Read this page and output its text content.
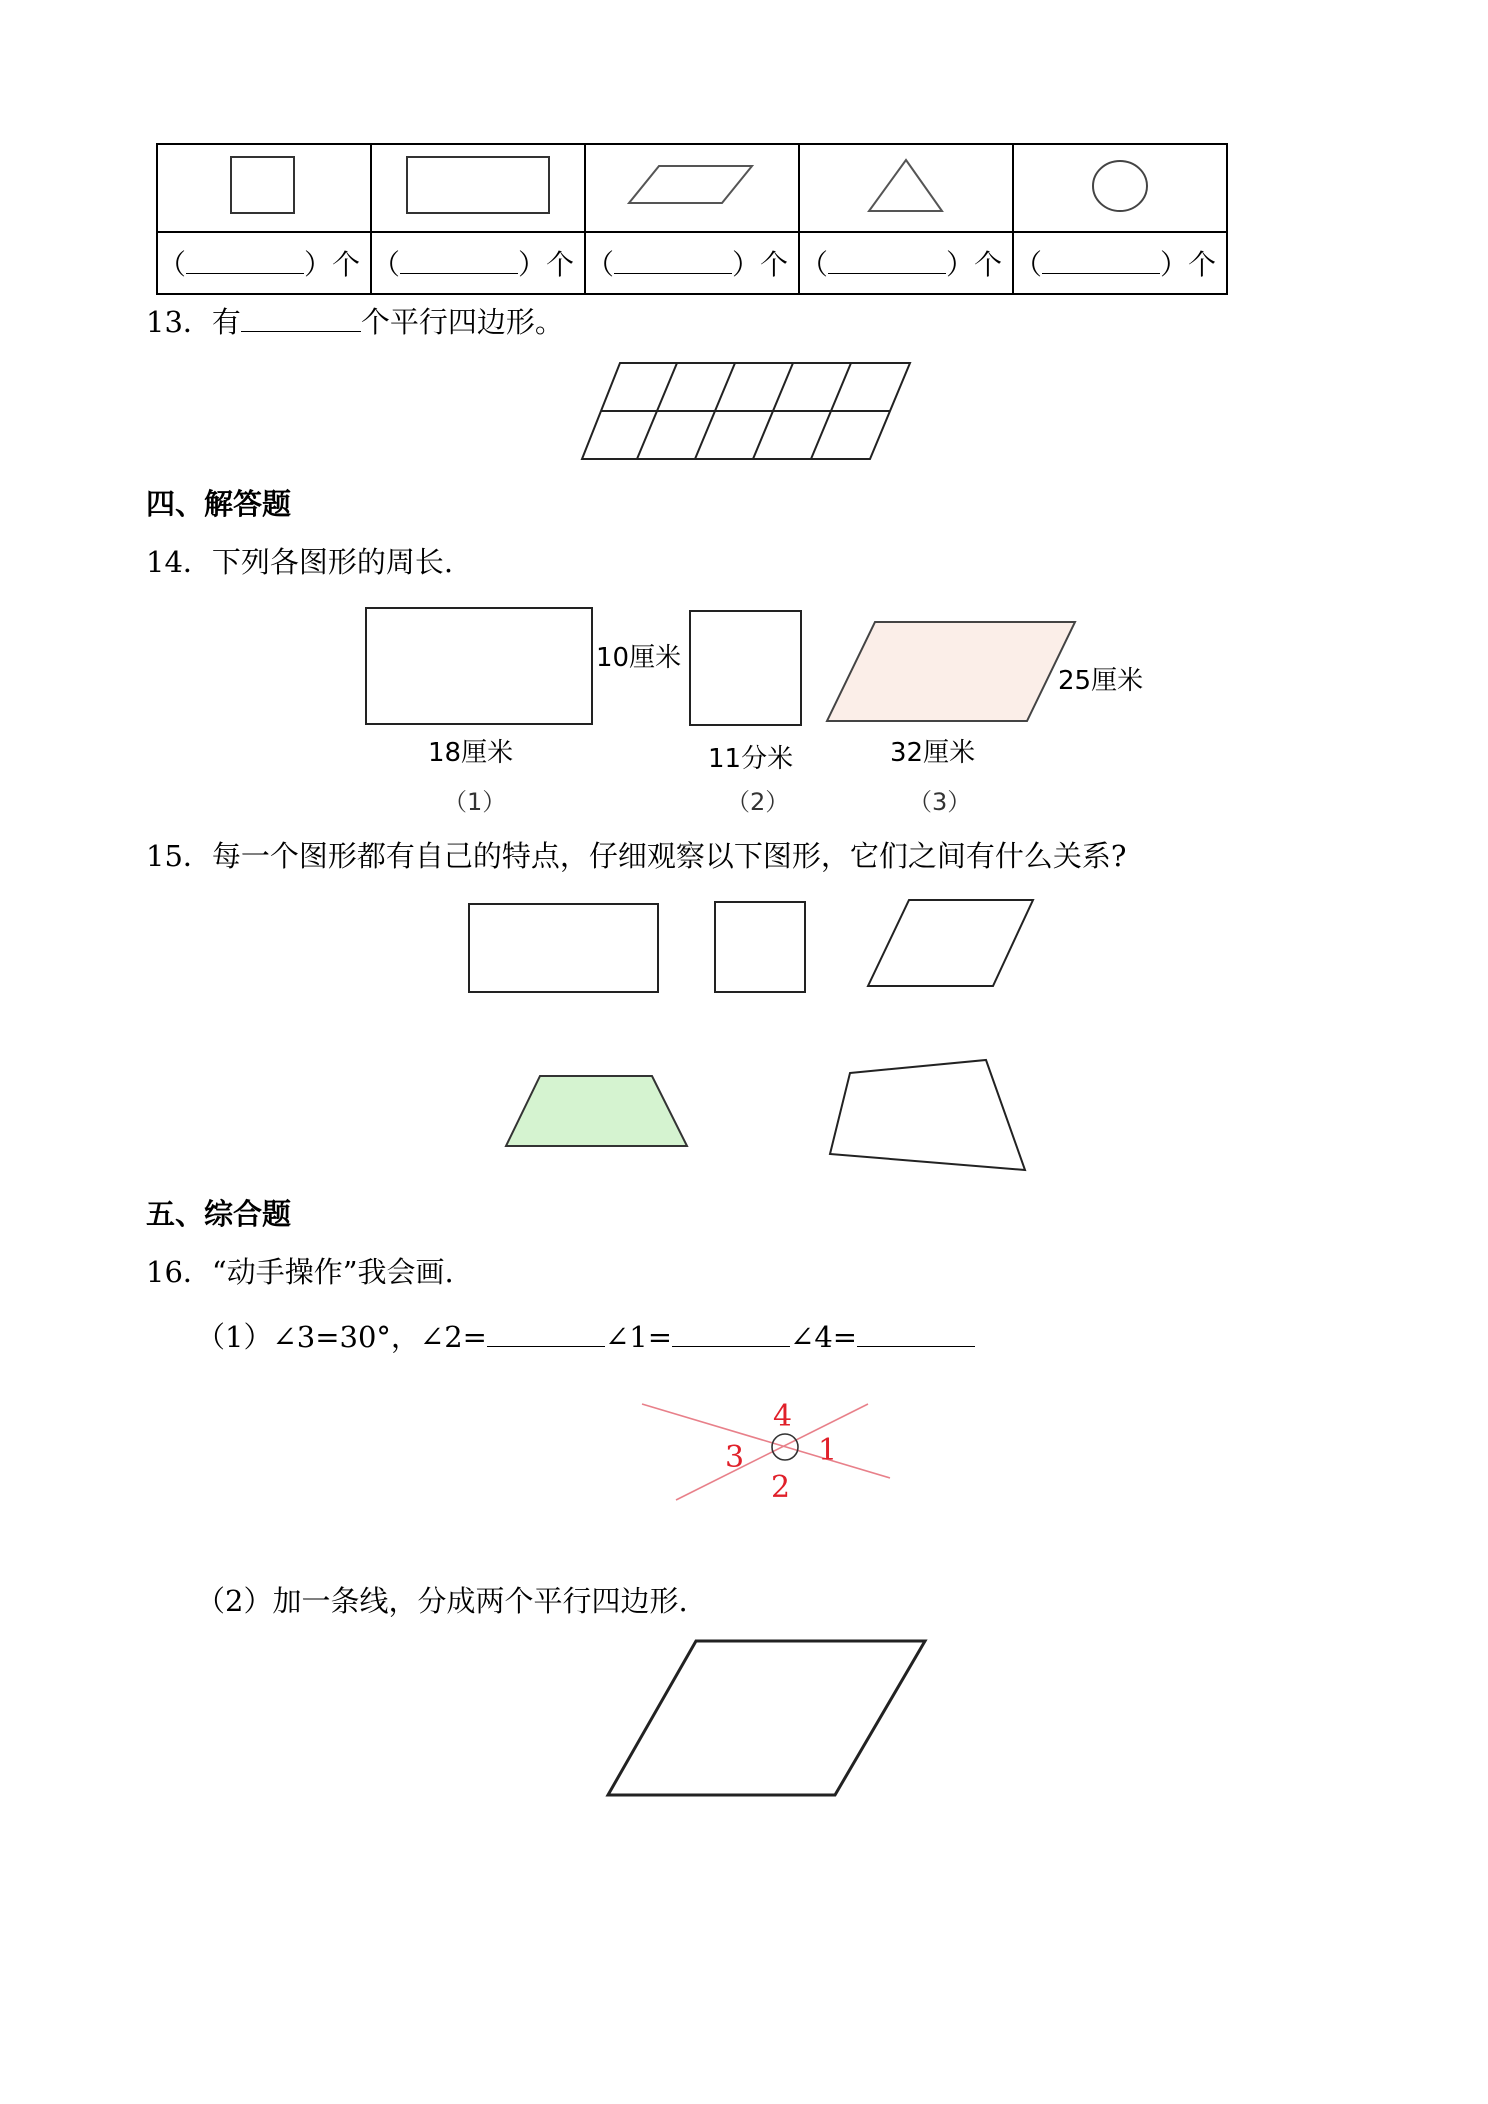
（ ）个	（ ）个	（ ）个	（ ）个	（ ）个
13．有	个平行四边形。
四、解答题
14．下列各图形的周长.
10厘米
18厘米
（1）
11分米
（2）
25厘米
32厘米
（3）
15．每一个图形都有自己的特点，仔细观察以下图形，它们之间有什么关系?
五、综合题
16．“动手操作”我会画.
（1）∠3=30°，∠2=	∠1=	∠4=
4
1
3
2
（2）加一条线，分成两个平行四边形.
